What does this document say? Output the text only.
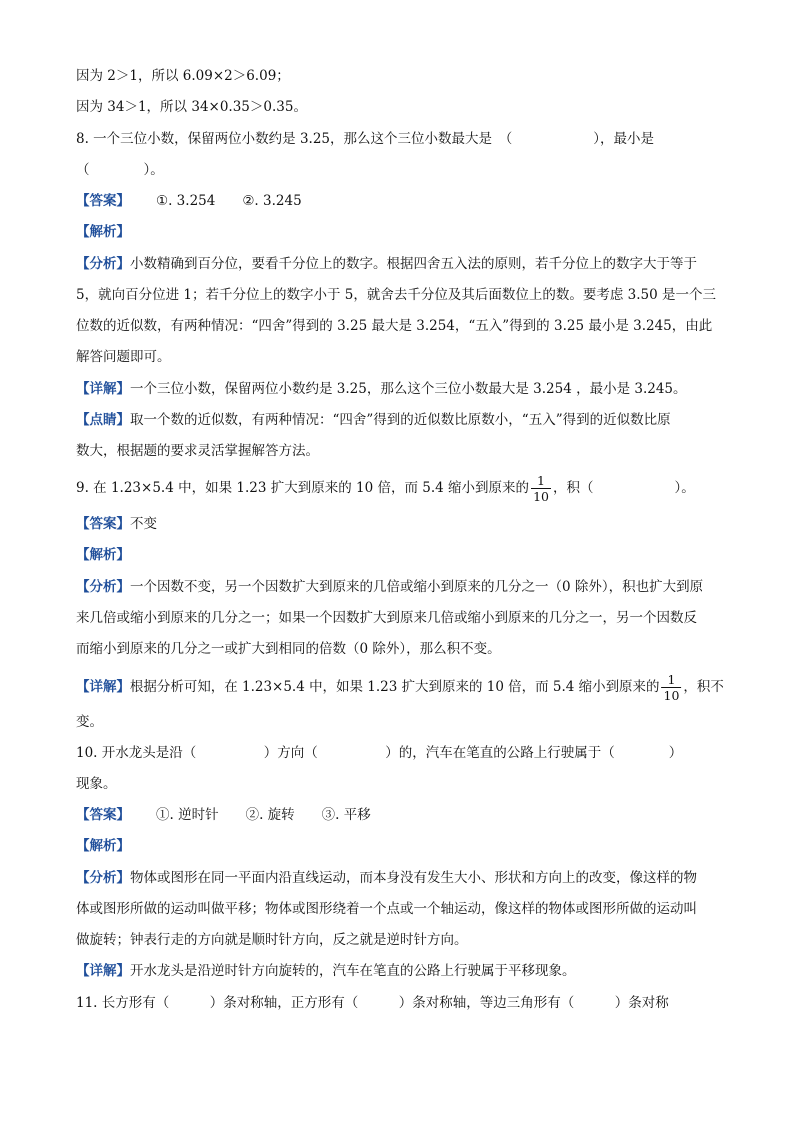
因为 2＞1，所以 6.09×2＞6.09；
因为 34＞1，所以 34×0.35＞0.35。
8. 一个三位小数，保留两位小数约是 3.25，那么这个三位小数最大是　（　　　　　　），最小是
（　　　　）。
【答案】 ①. 3.254　　②. 3.245
【解析】
【分析】小数精确到百分位，要看千分位上的数字。根据四舍五入法的原则，若千分位上的数字大于等于
5，就向百分位进 1；若千分位上的数字小于 5，就舍去千分位及其后面数位上的数。要考虑 3.50 是一个三
位数的近似数，有两种情况：“四舍”得到的 3.25 最大是 3.254，“五入”得到的 3.25 最小是 3.245，由此
解答问题即可。
【详解】一个三位小数，保留两位小数约是 3.25，那么这个三位小数最大是 3.254 ，最小是 3.245。
【点睛】取一个数的近似数，有两种情况：“四舍”得到的近似数比原数小，“五入”得到的近似数比原
数大，根据题的要求灵活掌握解答方法。
9. 在 1.23×5.4 中，如果 1.23 扩大到原来的 10 倍，而 5.4 缩小到原来的 $\frac{1}{10}$ ，积（　　　　　　）。
【答案】不变
【解析】
【分析】一个因数不变，另一个因数扩大到原来的几倍或缩小到原来的几分之一（0 除外），积也扩大到原
来几倍或缩小到原来的几分之一；如果一个因数扩大到原来几倍或缩小到原来的几分之一，另一个因数反
而缩小到原来的几分之一或扩大到相同的倍数（0 除外），那么积不变。
【详解】根据分析可知，在 1.23×5.4 中，如果 1.23 扩大到原来的 10 倍，而 5.4 缩小到原来的 $\frac{1}{10}$ ，积不
变。
10. 开水龙头是沿（　　　　　）方向（　　　　　）的，汽车在笔直的公路上行驶属于（　　　　）
现象。
【答案】 ①. 逆时针　　②. 旋转　　③. 平移
【解析】
【分析】物体或图形在同一平面内沿直线运动，而本身没有发生大小、形状和方向上的改变，像这样的物
体或图形所做的运动叫做平移；物体或图形绕着一个点或一个轴运动，像这样的物体或图形所做的运动叫
做旋转；钟表行走的方向就是顺时针方向，反之就是逆时针方向。
【详解】开水龙头是沿逆时针方向旋转的，汽车在笔直的公路上行驶属于平移现象。
11. 长方形有（　　　）条对称轴，正方形有（　　　）条对称轴，等边三角形有（　　　）条对称
